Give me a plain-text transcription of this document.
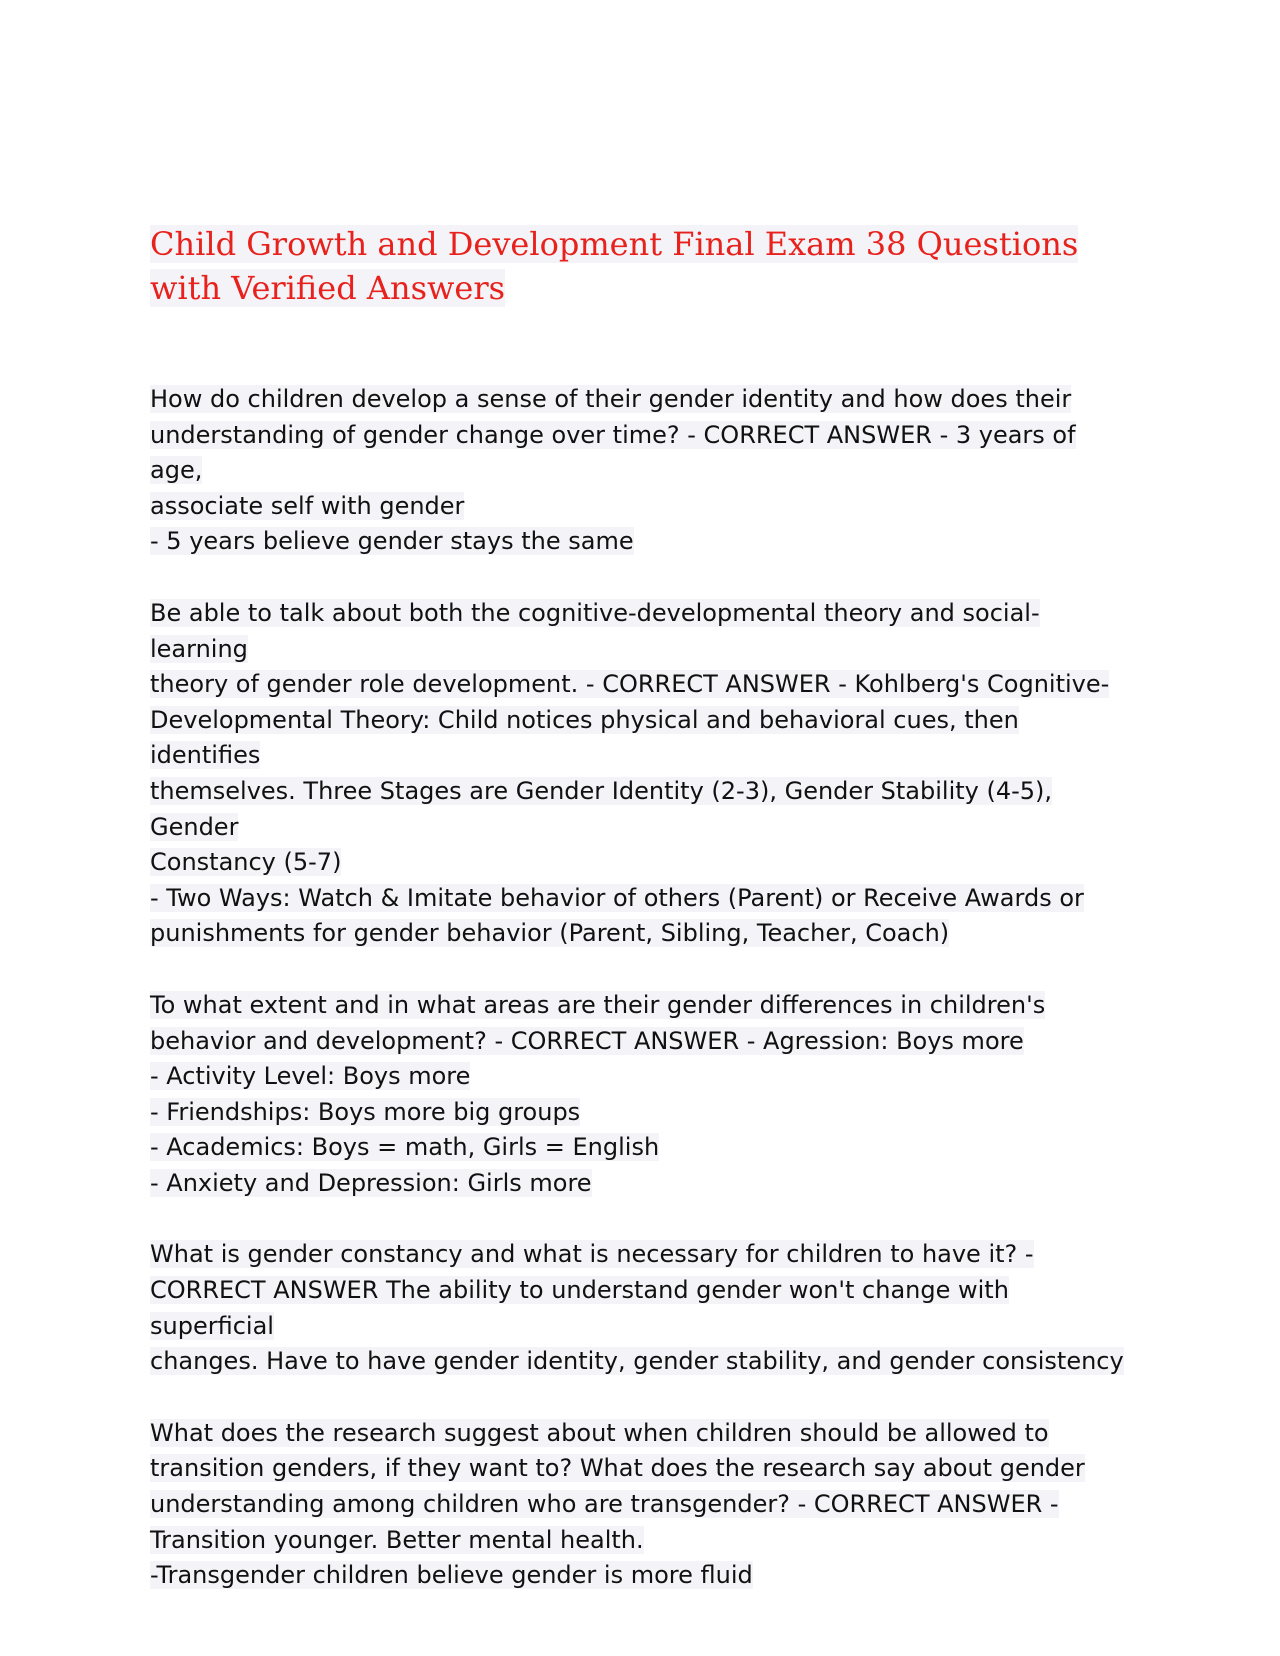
Child Growth and Development Final Exam 38 Questionswith Verified Answers
How do children develop a sense of their gender identity and how does theirunderstanding of gender change over time? - CORRECT ANSWER - 3 years of age,associate self with gender- 5 years believe gender stays the same
Be able to talk about both the cognitive-developmental theory and social-learningtheory of gender role development. - CORRECT ANSWER - Kohlberg's Cognitive-Developmental Theory: Child notices physical and behavioral cues, then identifiesthemselves. Three Stages are Gender Identity (2-3), Gender Stability (4-5), GenderConstancy (5-7)- Two Ways: Watch & Imitate behavior of others (Parent) or Receive Awards orpunishments for gender behavior (Parent, Sibling, Teacher, Coach)
To what extent and in what areas are their gender differences in children'sbehavior and development? - CORRECT ANSWER - Agression: Boys more- Activity Level: Boys more- Friendships: Boys more big groups- Academics: Boys = math, Girls = English- Anxiety and Depression: Girls more
What is gender constancy and what is necessary for children to have it? -CORRECT ANSWER The ability to understand gender won't change with superficialchanges. Have to have gender identity, gender stability, and gender consistency
What does the research suggest about when children should be allowed totransition genders, if they want to? What does the research say about genderunderstanding among children who are transgender? - CORRECT ANSWER -Transition younger. Better mental health.-Transgender children believe gender is more fluid
